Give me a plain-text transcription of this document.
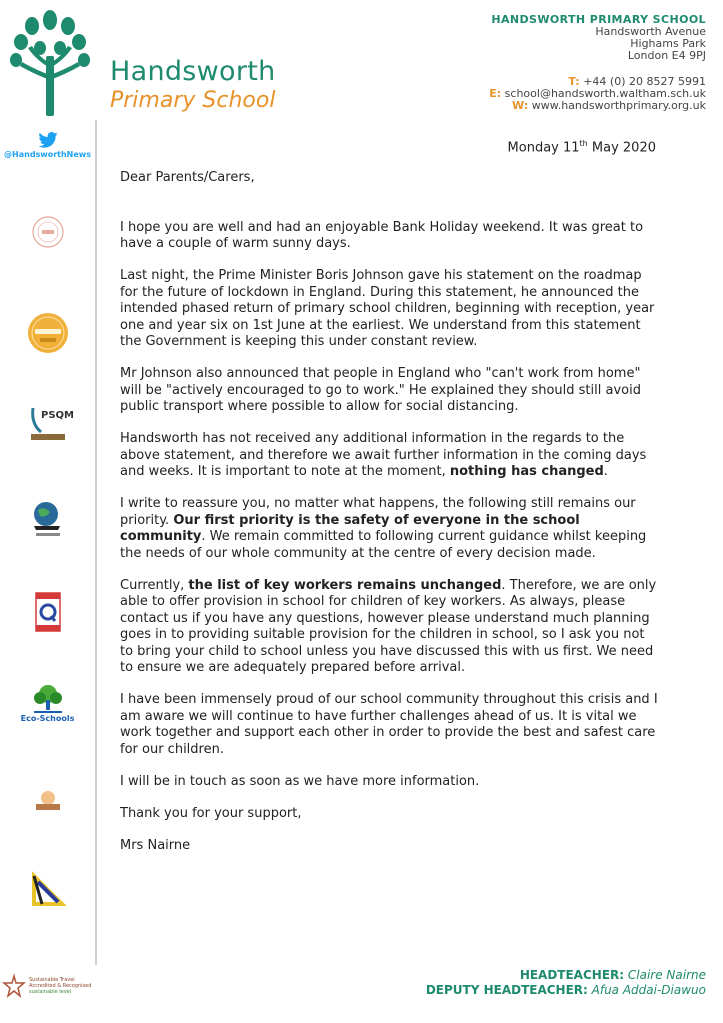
Handsworth
Primary School
HANDSWORTH PRIMARY SCHOOL
Handsworth Avenue
Highams Park
London E4 9PJ
T: +44 (0) 20 8527 5991
E: school@handsworth.waltham.sch.uk
W: www.handsworthprimary.org.uk
@HandsworthNews
PSQM
Eco-Schools
Sustainable Travel
Accredited & Recognised
sustainable level
Monday 11th May 2020

Dear Parents/Carers,

I hope you are well and had an enjoyable Bank Holiday weekend. It was great to have a couple of warm sunny days.

Last night, the Prime Minister Boris Johnson gave his statement on the roadmap for the future of lockdown in England. During this statement, he announced the intended phased return of primary school children, beginning with reception, year one and year six on 1st June at the earliest. We understand from this statement the Government is keeping this under constant review.

Mr Johnson also announced that people in England who "can't work from home" will be "actively encouraged to go to work." He explained they should still avoid public transport where possible to allow for social distancing.

Handsworth has not received any additional information in the regards to the above statement, and therefore we await further information in the coming days and weeks. It is important to note at the moment, nothing has changed.

I write to reassure you, no matter what happens, the following still remains our priority. Our first priority is the safety of everyone in the school community. We remain committed to following current guidance whilst keeping the needs of our whole community at the centre of every decision made.

Currently, the list of key workers remains unchanged. Therefore, we are only able to offer provision in school for children of key workers. As always, please contact us if you have any questions, however please understand much planning goes in to providing suitable provision for the children in school, so I ask you not to bring your child to school unless you have discussed this with us first. We need to ensure we are adequately prepared before arrival.

I have been immensely proud of our school community throughout this crisis and I am aware we will continue to have further challenges ahead of us. It is vital we work together and support each other in order to provide the best and safest care for our children.

I will be in touch as soon as we have more information.

Thank you for your support,

Mrs Nairne

HEADTEACHER: Claire Nairne
DEPUTY HEADTEACHER: Afua Addai-Diawuo
